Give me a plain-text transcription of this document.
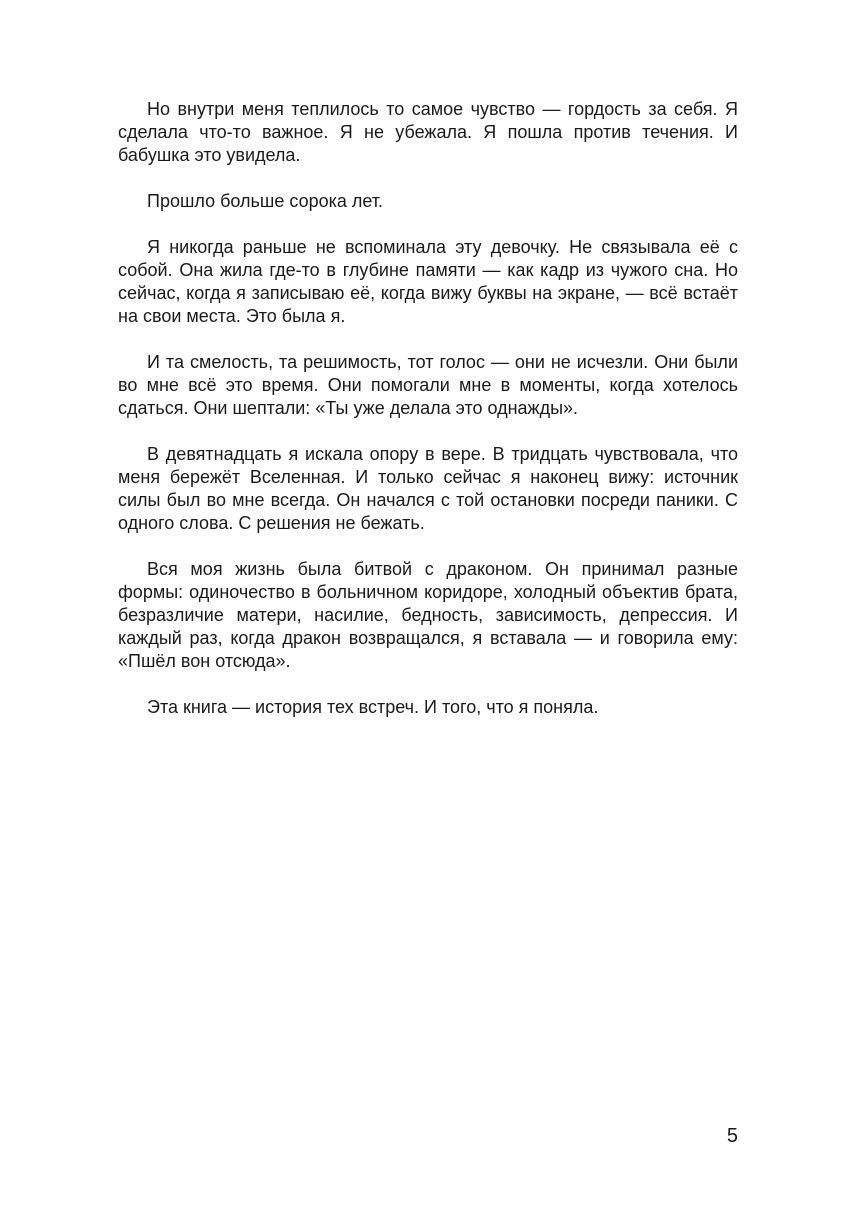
Но внутри меня теплилось то самое чувство — гордость за себя. Я сделала что-то важное. Я не убежала. Я пошла против течения. И бабушка это увидела.

Прошло больше сорока лет.

Я никогда раньше не вспоминала эту девочку. Не связывала её с собой. Она жила где-то в глубине памяти — как кадр из чужого сна. Но сейчас, когда я записываю её, когда вижу буквы на экране, — всё встаёт на свои места. Это была я.

И та смелость, та решимость, тот голос — они не исчезли. Они были во мне всё это время. Они помогали мне в моменты, когда хотелось сдаться. Они шептали: «Ты уже делала это однажды».

В девятнадцать я искала опору в вере. В тридцать чувствовала, что меня бережёт Вселенная. И только сейчас я наконец вижу: источник силы был во мне всегда. Он начался с той остановки посреди паники. С одного слова. С решения не бежать.

Вся моя жизнь была битвой с драконом. Он принимал разные формы: одиночество в больничном коридоре, холодный объектив брата, безразличие матери, насилие, бедность, зависимость, депрессия. И каждый раз, когда дракон возвращался, я вставала — и говорила ему: «Пшёл вон отсюда».

Эта книга — история тех встреч. И того, что я поняла.

5
